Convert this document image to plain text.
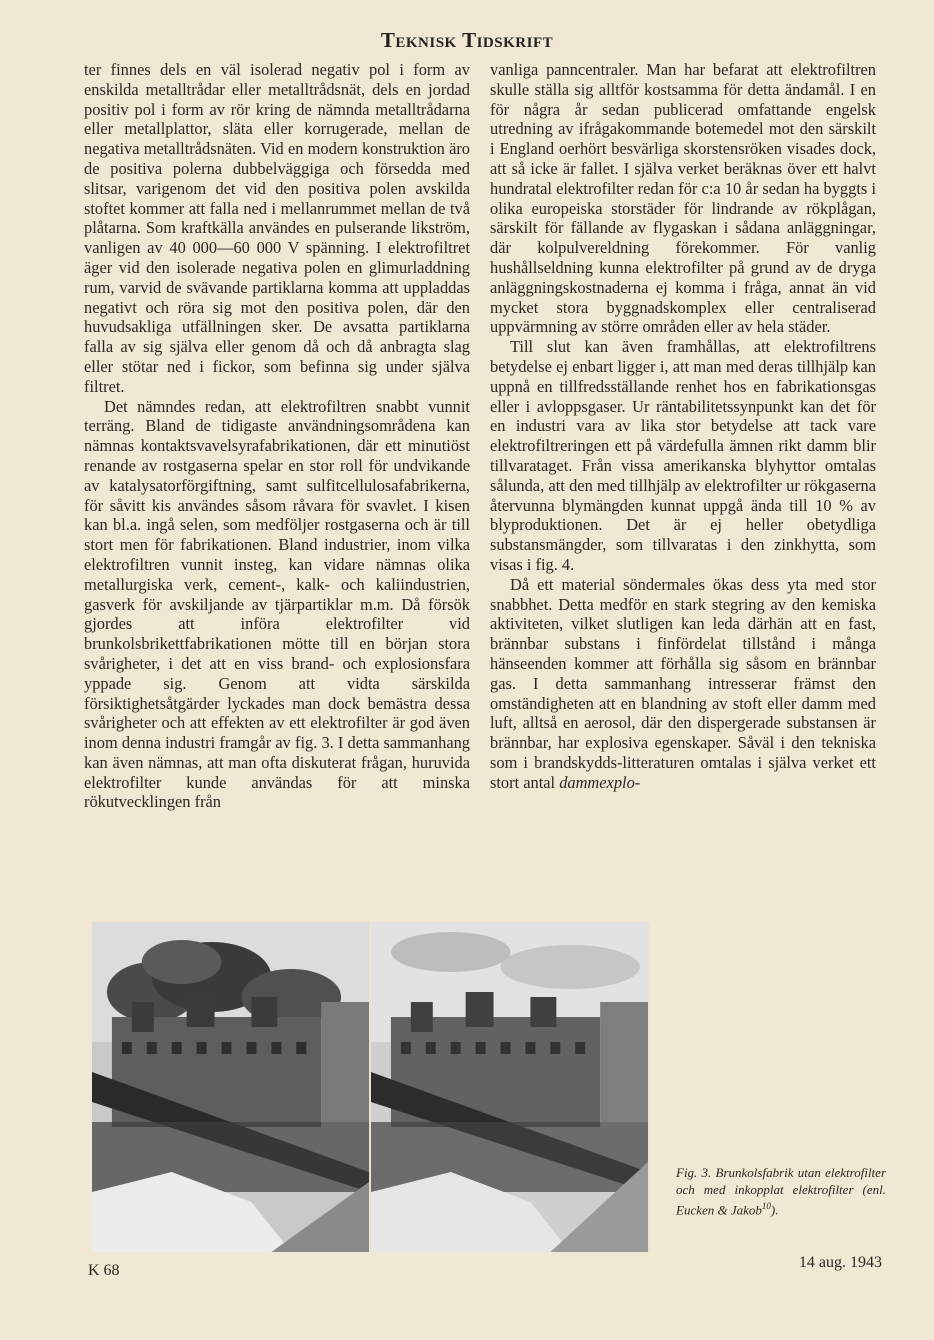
Teknisk Tidskrift

ter finnes dels en väl isolerad negativ pol i form av enskilda metalltrådar eller metalltrådsnät, dels en jordad positiv pol i form av rör kring de nämnda metalltrådarna eller metallplattor, släta eller korrugerade, mellan de negativa metalltrådsnäten. Vid en modern konstruktion äro de positiva polerna dubbelväggiga och försedda med slitsar, varigenom det vid den positiva polen avskilda stoftet kommer att falla ned i mellanrummet mellan de två plåtarna. Som kraftkälla användes en pulserande likström, vanligen av 40 000—60 000 V spänning. I elektrofiltret äger vid den isolerade negativa polen en glimurladdning rum, varvid de svävande partiklarna komma att uppladdas negativt och röra sig mot den positiva polen, där den huvudsakliga utfällningen sker. De avsatta partiklarna falla av sig själva eller genom då och då anbragta slag eller stötar ned i fickor, som befinna sig under själva filtret.

Det nämndes redan, att elektrofiltren snabbt vunnit terräng. Bland de tidigaste användningsområdena kan nämnas kontaktsvavelsyrafabrikationen, där ett minutiöst renande av rostgaserna spelar en stor roll för undvikande av katalysatorförgiftning, samt sulfitcellulosafabrikerna, för såvitt kis användes såsom råvara för svavlet. I kisen kan bl.a. ingå selen, som medföljer rostgaserna och är till stort men för fabrikationen. Bland industrier, inom vilka elektrofiltren vunnit insteg, kan vidare nämnas olika metallurgiska verk, cement-, kalk- och kaliindustrien, gasverk för avskiljande av tjärpartiklar m.m. Då försök gjordes att införa elektrofilter vid brunkolsbrikettfabrikationen mötte till en början stora svårigheter, i det att en viss brand- och explosionsfara yppade sig. Genom att vidta särskilda försiktighetsåtgärder lyckades man dock bemästra dessa svårigheter och att effekten av ett elektrofilter är god även inom denna industri framgår av fig. 3. I detta sammanhang kan även nämnas, att man ofta diskuterat frågan, huruvida elektrofilter kunde användas för att minska rökutvecklingen från

vanliga panncentraler. Man har befarat att elektrofiltren skulle ställa sig alltför kostsamma för detta ändamål. I en för några år sedan publicerad omfattande engelsk utredning av ifrågakommande botemedel mot den särskilt i England oerhört besvärliga skorstensröken visades dock, att så icke är fallet. I själva verket beräknas över ett halvt hundratal elektrofilter redan för c:a 10 år sedan ha byggts i olika europeiska storstäder för lindrande av rökplågan, särskilt för fällande av flygaskan i sådana anläggningar, där kolpulvereldning förekommer. För vanlig hushållseldning kunna elektrofilter på grund av de dryga anläggningskostnaderna ej komma i fråga, annat än vid mycket stora byggnadskomplex eller centraliserad uppvärmning av större områden eller av hela städer.

Till slut kan även framhållas, att elektrofiltrens betydelse ej enbart ligger i, att man med deras tillhjälp kan uppnå en tillfredsställande renhet hos en fabrikationsgas eller i avloppsgaser. Ur räntabilitetssynpunkt kan det för en industri vara av lika stor betydelse att tack vare elektrofiltreringen ett på värdefulla ämnen rikt damm blir tillvarataget. Från vissa amerikanska blyhyttor omtalas sålunda, att den med tillhjälp av elektrofilter ur rökgaserna återvunna blymängden kunnat uppgå ända till 10 % av blyproduktionen. Det är ej heller obetydliga substansmängder, som tillvaratas i den zinkhytta, som visas i fig. 4.

Då ett material söndermales ökas dess yta med stor snabbhet. Detta medför en stark stegring av den kemiska aktiviteten, vilket slutligen kan leda därhän att en fast, brännbar substans i finfördelat tillstånd i många hänseenden kommer att förhålla sig såsom en brännbar gas. I detta sammanhang intresserar främst den omständigheten att en blandning av stoft eller damm med luft, alltså en aerosol, där den dispergerade substansen är brännbar, har explosiva egenskaper. Såväl i den tekniska som i brandskydds-litteraturen omtalas i själva verket ett stort antal dammexplo-

Fig. 3. Brunkolsfabrik utan elektrofilter och med inkopplat elektrofilter (enl. Eucken & Jakob$^{10}$).
K 68	14 aug. 1943
